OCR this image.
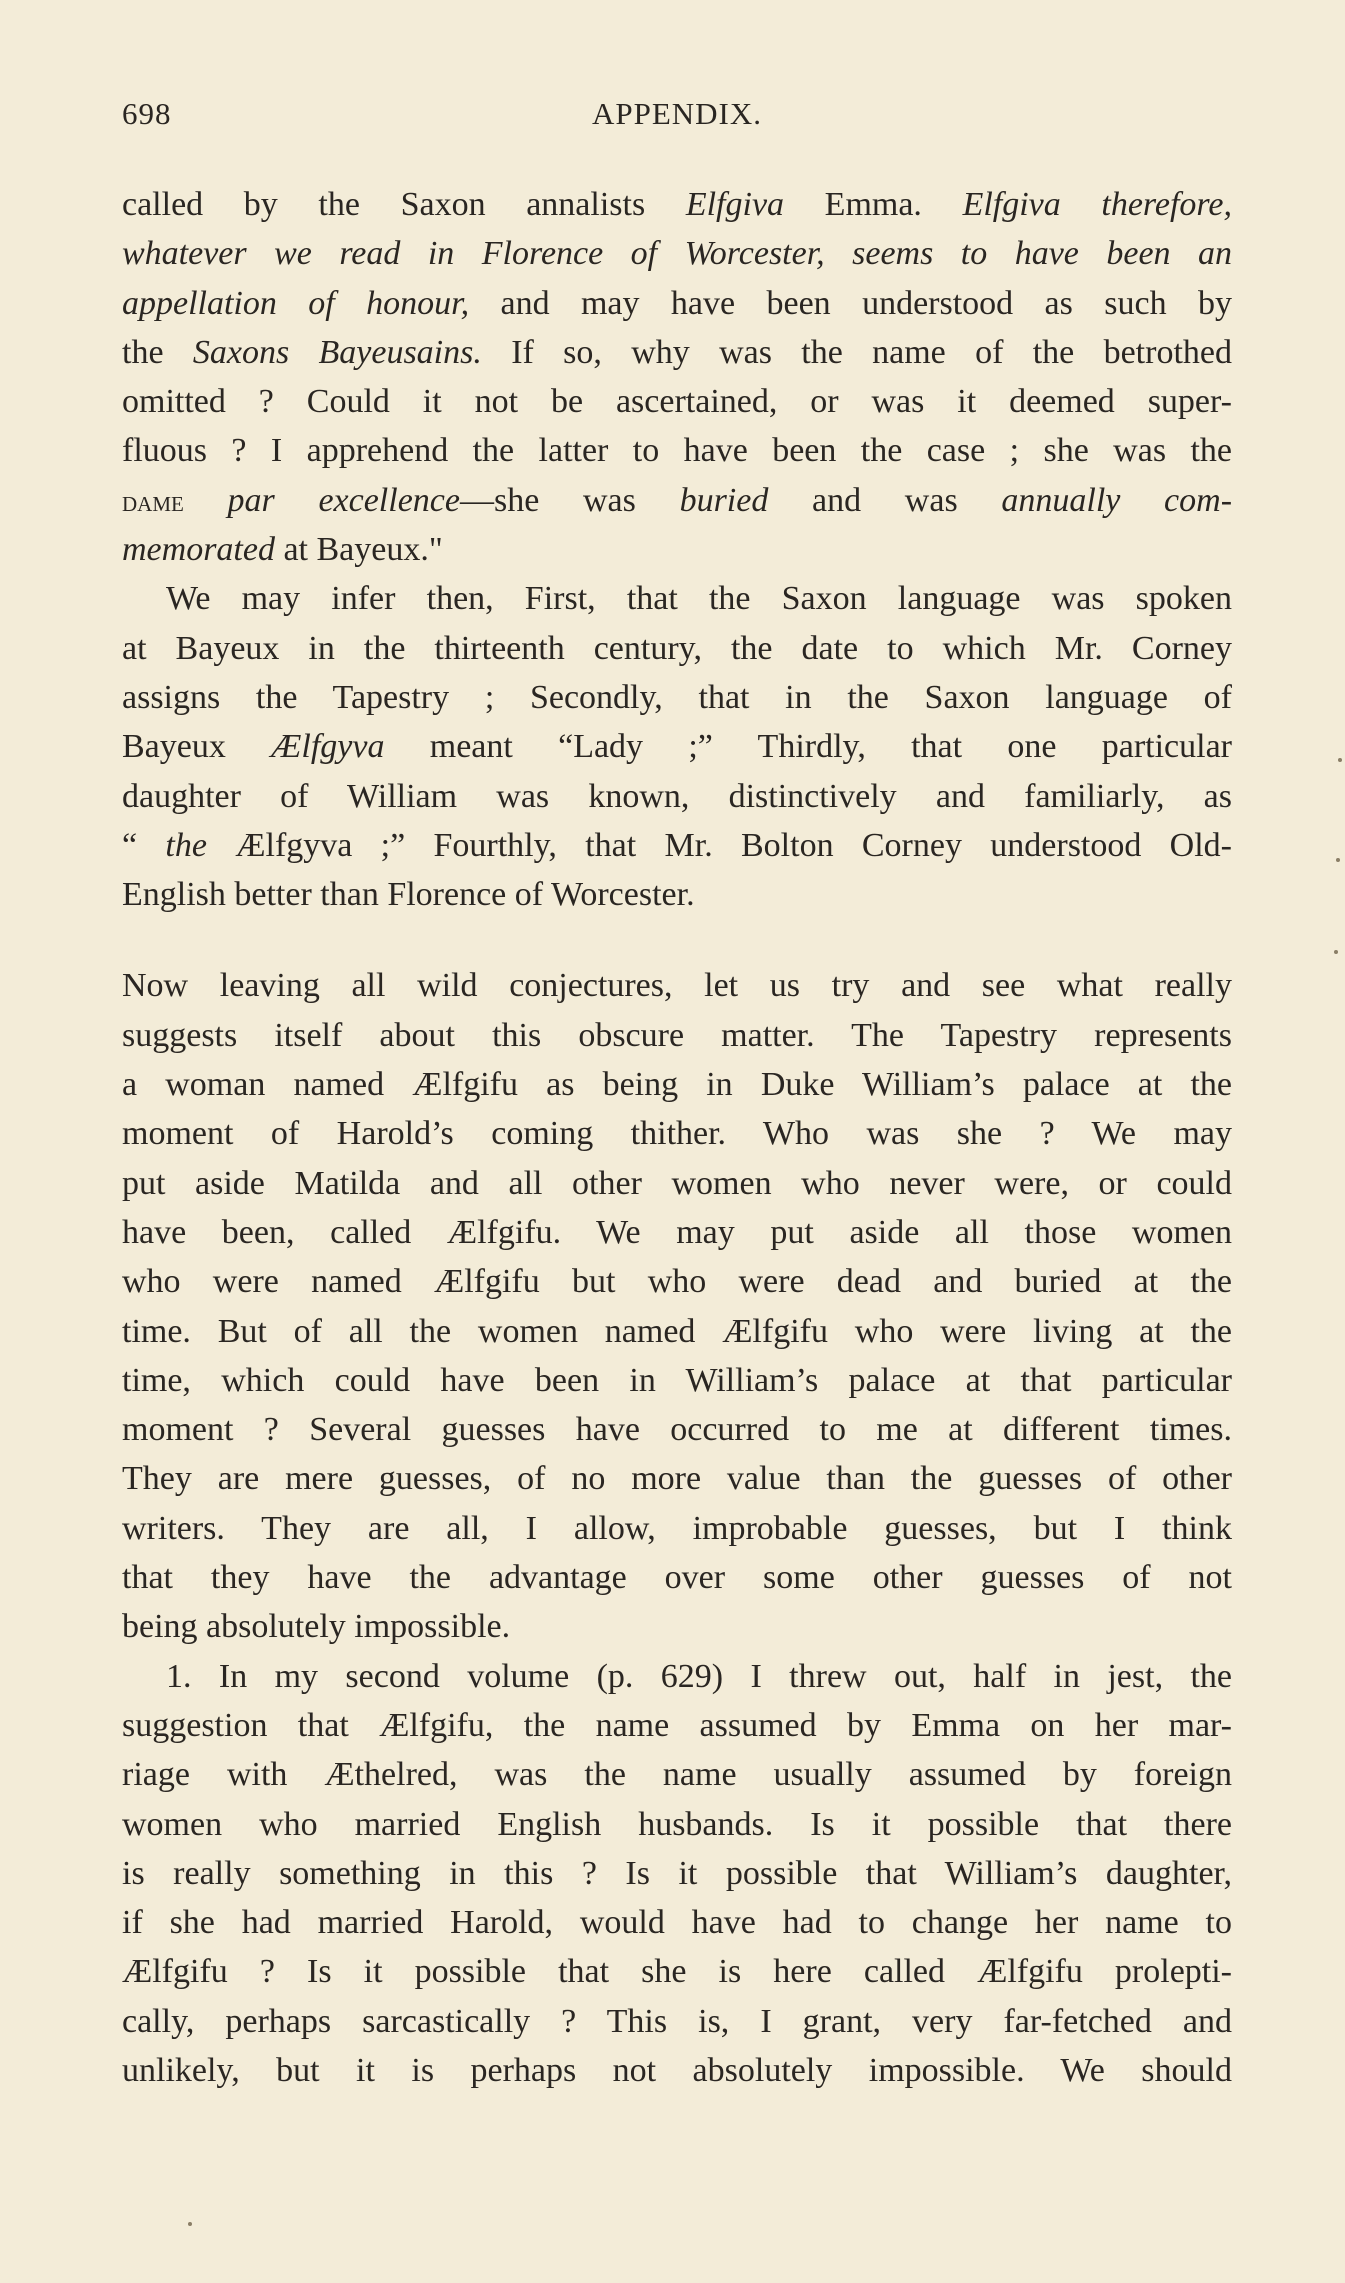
698	APPENDIX.
called by the Saxon annalists Elfgiva Emma. Elfgiva therefore,
whatever we read in Florence of Worcester, seems to have been an
appellation of honour, and may have been understood as such by
the Saxons Bayeusains. If so, why was the name of the betrothed
omitted ? Could it not be ascertained, or was it deemed super-
fluous ? I apprehend the latter to have been the case ; she was the
dame par excellence—she was buried and was annually com-
memorated at Bayeux."
We may infer then, First, that the Saxon language was spoken
at Bayeux in the thirteenth century, the date to which Mr. Corney
assigns the Tapestry ; Secondly, that in the Saxon language of
Bayeux Ælfgyva meant “Lady ;” Thirdly, that one particular
daughter of William was known, distinctively and familiarly, as
“ the Ælfgyva ;” Fourthly, that Mr. Bolton Corney understood Old-
English better than Florence of Worcester.
Now leaving all wild conjectures, let us try and see what really
suggests itself about this obscure matter. The Tapestry represents
a woman named Ælfgifu as being in Duke William’s palace at the
moment of Harold’s coming thither. Who was she ? We may
put aside Matilda and all other women who never were, or could
have been, called Ælfgifu. We may put aside all those women
who were named Ælfgifu but who were dead and buried at the
time. But of all the women named Ælfgifu who were living at the
time, which could have been in William’s palace at that particular
moment ? Several guesses have occurred to me at different times.
They are mere guesses, of no more value than the guesses of other
writers. They are all, I allow, improbable guesses, but I think
that they have the advantage over some other guesses of not
being absolutely impossible.
1. In my second volume (p. 629) I threw out, half in jest, the
suggestion that Ælfgifu, the name assumed by Emma on her mar-
riage with Æthelred, was the name usually assumed by foreign
women who married English husbands. Is it possible that there
is really something in this ? Is it possible that William’s daughter,
if she had married Harold, would have had to change her name to
Ælfgifu ? Is it possible that she is here called Ælfgifu prolepti-
cally, perhaps sarcastically ? This is, I grant, very far-fetched and
unlikely, but it is perhaps not absolutely impossible. We should
